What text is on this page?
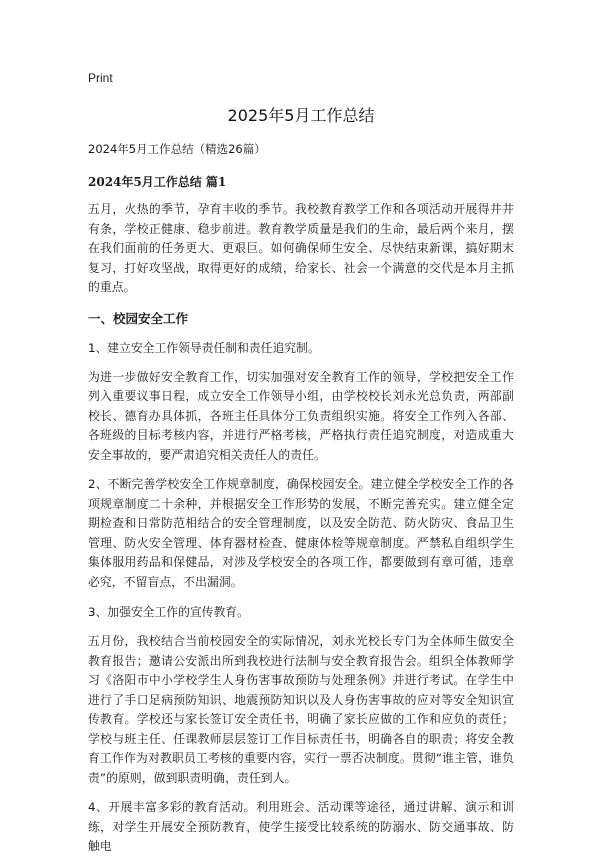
Print
2025年5月工作总结

2024年5月工作总结（精选26篇）

2024年5月工作总结 篇1

五月，火热的季节，孕育丰收的季节。我校教育教学工作和各项活动开展得井井有条，学校正健康、稳步前进。教育教学质量是我们的生命，最后两个来月，摆在我们面前的任务更大、更艰巨。如何确保师生安全、尽快结束新课，搞好期末复习，打好攻坚战，取得更好的成绩，给家长、社会一个满意的交代是本月主抓的重点。

一、校园安全工作

1、建立安全工作领导责任制和责任追究制。

为进一步做好安全教育工作，切实加强对安全教育工作的领导，学校把安全工作列入重要议事日程，成立安全工作领导小组，由学校校长刘永光总负责，两部副校长、德育办具体抓，各班主任具体分工负责组织实施。将安全工作列入各部、各班级的目标考核内容，并进行严格考核，严格执行责任追究制度，对造成重大安全事故的，要严肃追究相关责任人的责任。

2、不断完善学校安全工作规章制度，确保校园安全。建立健全学校安全工作的各项规章制度二十余种，并根据安全工作形势的发展，不断完善充实。建立健全定期检查和日常防范相结合的安全管理制度，以及安全防范、防火防灾、食品卫生管理、防火安全管理、体育器材检查、健康体检等规章制度。严禁私自组织学生集体服用药品和保健品，对涉及学校安全的各项工作，都要做到有章可循，违章必究，不留盲点，不出漏洞。

3、加强安全工作的宣传教育。

五月份，我校结合当前校园安全的实际情况，刘永光校长专门为全体师生做安全教育报告；邀请公安派出所到我校进行法制与安全教育报告会。组织全体教师学习《洛阳市中小学校学生人身伤害事故预防与处理条例》并进行考试。在学生中进行了手口足病预防知识、地震预防知识以及人身伤害事故的应对等安全知识宣传教育。学校还与家长签订安全责任书，明确了家长应做的工作和应负的责任；学校与班主任、任课教师层层签订工作目标责任书，明确各自的职责；将安全教育工作作为对教职员工考核的重要内容，实行一票否决制度。贯彻“谁主管，谁负责”的原则，做到职责明确，责任到人。

4、开展丰富多彩的教育活动。利用班会、活动课等途径，通过讲解、演示和训练，对学生开展安全预防教育，使学生接受比较系统的防溺水、防交通事故、防触电
